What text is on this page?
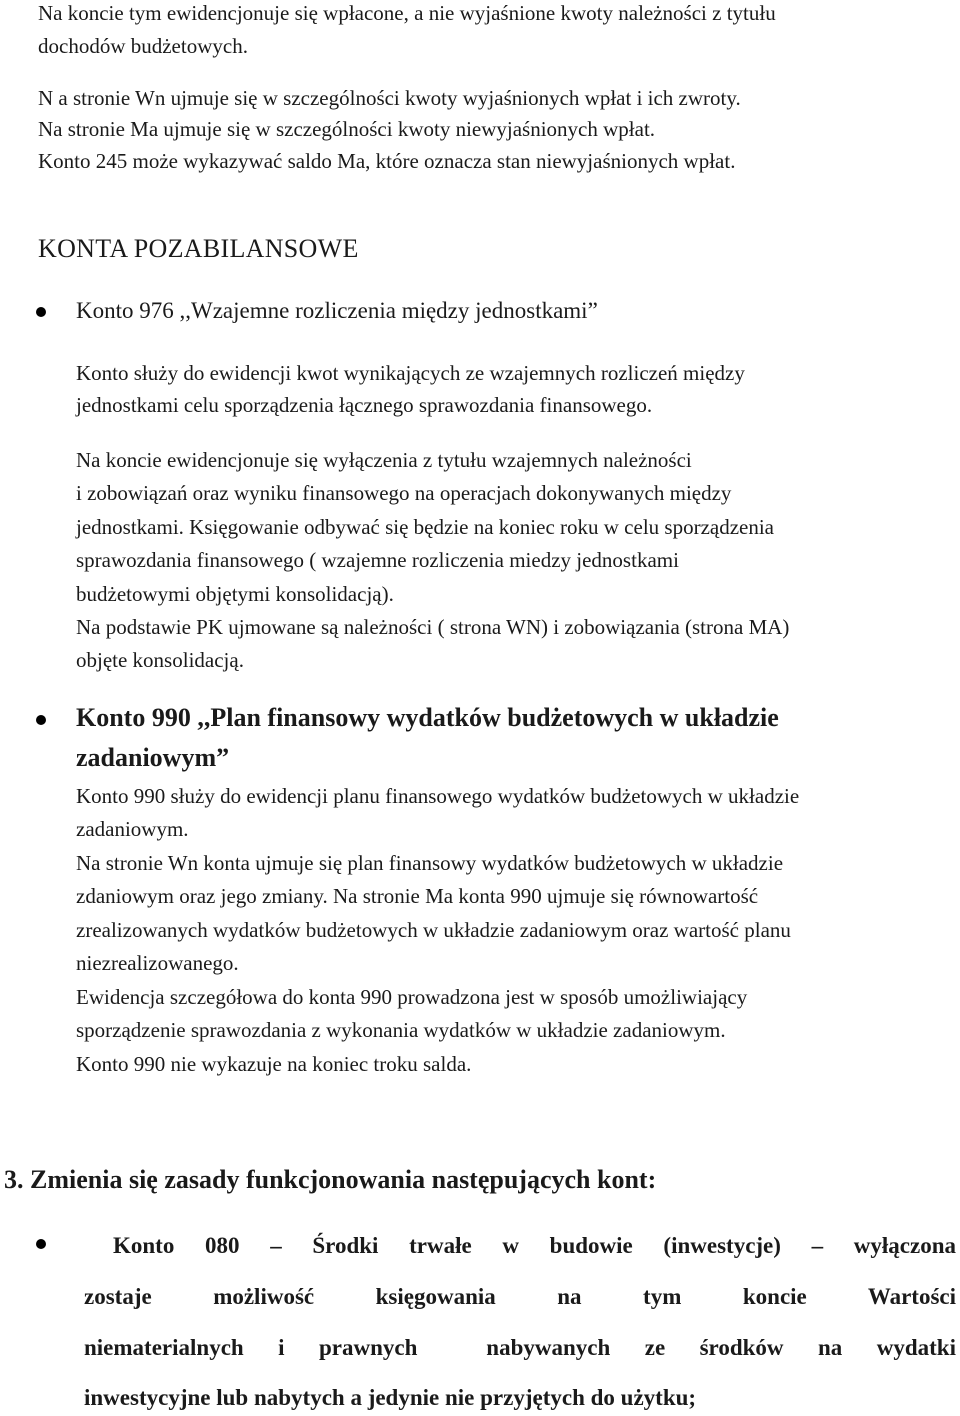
Na koncie tym ewidencjonuje się wpłacone, a nie wyjaśnione kwoty należności z tytułu
dochodów budżetowych.
N a stronie Wn ujmuje się w szczególności kwoty wyjaśnionych wpłat i ich zwroty.
Na stronie Ma ujmuje się w szczególności kwoty niewyjaśnionych wpłat.
Konto 245 może wykazywać saldo Ma, które oznacza stan niewyjaśnionych wpłat.
KONTA POZABILANSOWE
Konto 976 ,,Wzajemne rozliczenia między jednostkami”
Konto służy do ewidencji kwot wynikających ze wzajemnych rozliczeń między
jednostkami celu sporządzenia łącznego sprawozdania finansowego.
Na koncie ewidencjonuje się wyłączenia z tytułu wzajemnych należności
i zobowiązań oraz wyniku finansowego na operacjach dokonywanych między
jednostkami. Księgowanie odbywać się będzie na koniec roku w celu sporządzenia
sprawozdania finansowego ( wzajemne rozliczenia miedzy jednostkami
budżetowymi objętymi konsolidacją).
Na podstawie PK ujmowane są należności ( strona WN) i zobowiązania (strona MA)
objęte konsolidacją.
Konto 990 ,,Plan finansowy wydatków budżetowych w układzie
zadaniowym”
Konto 990 służy do ewidencji planu finansowego wydatków budżetowych w układzie
zadaniowym.
Na stronie Wn konta ujmuje się plan finansowy wydatków budżetowych w układzie
zdaniowym oraz jego zmiany. Na stronie Ma konta 990 ujmuje się równowartość
zrealizowanych wydatków budżetowych w układzie zadaniowym oraz wartość planu
niezrealizowanego.
Ewidencja szczegółowa do konta 990 prowadzona jest w sposób umożliwiający
sporządzenie sprawozdania z wykonania wydatków w układzie zadaniowym.
Konto 990 nie wykazuje na koniec troku salda.
3. Zmienia się zasady funkcjonowania następujących kont:
Konto 080 – Środki trwałe w budowie (inwestycje) – wyłączona
zostaje możliwość księgowania na tym koncie Wartości
niematerialnych i prawnych  nabywanych ze środków na wydatki
inwestycyjne lub nabytych a jedynie nie przyjętych do użytku;
